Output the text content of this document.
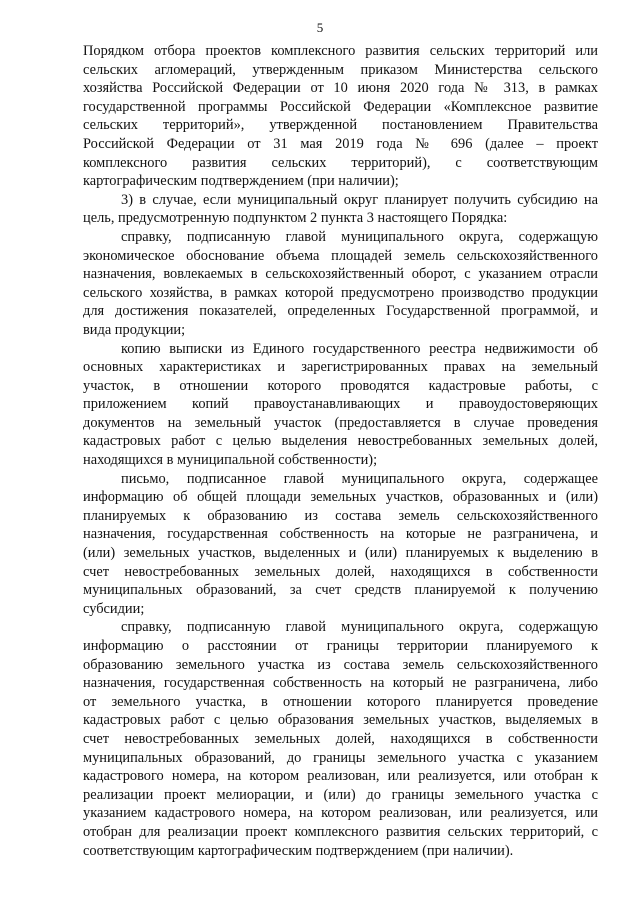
5
Порядком отбора проектов комплексного развития сельских территорий или
сельских агломераций, утвержденным приказом Министерства сельского
хозяйства Российской Федерации от 10 июня 2020 года № 313, в рамках
государственной программы Российской Федерации «Комплексное развитие
сельских территорий», утвержденной постановлением Правительства
Российской Федерации от 31 мая 2019 года № 696 (далее – проект
комплексного развития сельских территорий), с соответствующим
картографическим подтверждением (при наличии);
3) в случае, если муниципальный округ планирует получить субсидию на
цель, предусмотренную подпунктом 2 пункта 3 настоящего Порядка:
справку, подписанную главой муниципального округа, содержащую
экономическое обоснование объема площадей земель сельскохозяйственного
назначения, вовлекаемых в сельскохозяйственный оборот, с указанием отрасли
сельского хозяйства, в рамках которой предусмотрено производство продукции
для достижения показателей, определенных Государственной программой, и
вида продукции;
копию выписки из Единого государственного реестра недвижимости об
основных характеристиках и зарегистрированных правах на земельный
участок, в отношении которого проводятся кадастровые работы, с
приложением копий правоустанавливающих и правоудостоверяющих
документов на земельный участок (предоставляется в случае проведения
кадастровых работ с целью выделения невостребованных земельных долей,
находящихся в муниципальной собственности);
письмо, подписанное главой муниципального округа, содержащее
информацию об общей площади земельных участков, образованных и (или)
планируемых к образованию из состава земель сельскохозяйственного
назначения, государственная собственность на которые не разграничена, и
(или) земельных участков, выделенных и (или) планируемых к выделению в
счет невостребованных земельных долей, находящихся в собственности
муниципальных образований, за счет средств планируемой к получению
субсидии;
справку, подписанную главой муниципального округа, содержащую
информацию о расстоянии от границы территории планируемого к
образованию земельного участка из состава земель сельскохозяйственного
назначения, государственная собственность на который не разграничена, либо
от земельного участка, в отношении которого планируется проведение
кадастровых работ с целью образования земельных участков, выделяемых в
счет невостребованных земельных долей, находящихся в собственности
муниципальных образований, до границы земельного участка с указанием
кадастрового номера, на котором реализован, или реализуется, или отобран к
реализации проект мелиорации, и (или) до границы земельного участка с
указанием кадастрового номера, на котором реализован, или реализуется, или
отобран для реализации проект комплексного развития сельских территорий, с
соответствующим картографическим подтверждением (при наличии).
